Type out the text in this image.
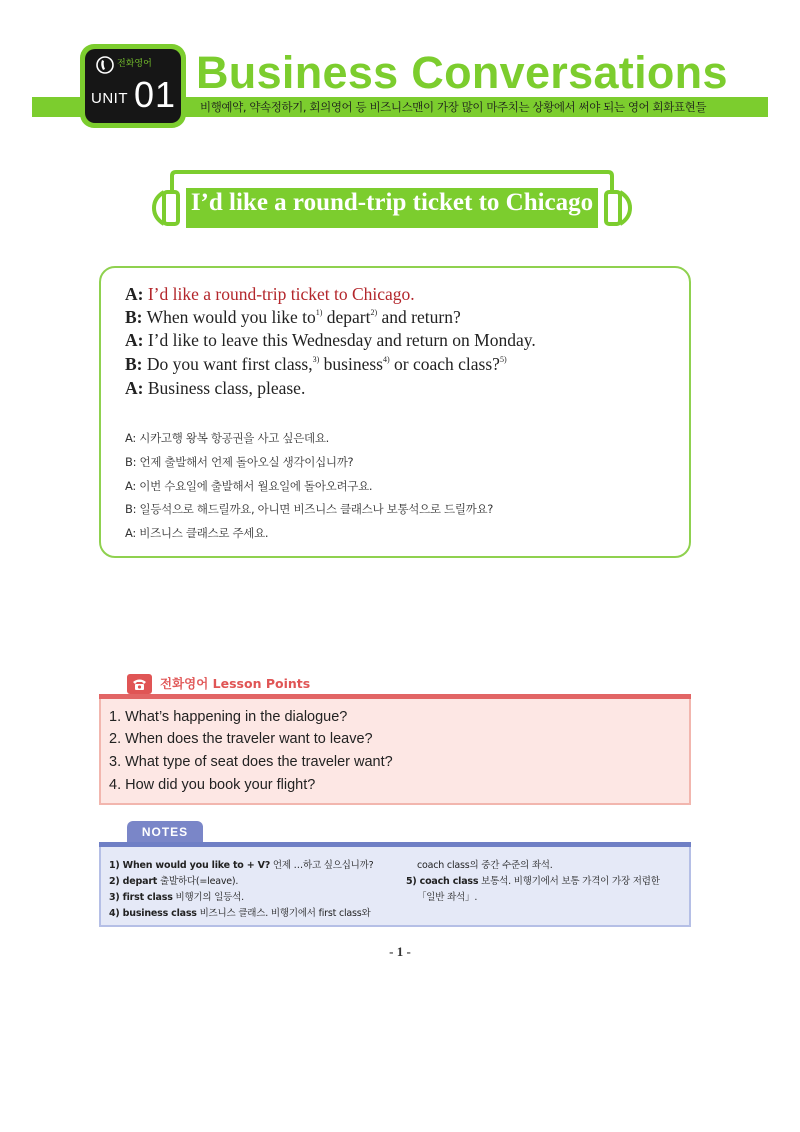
전화영어
UNIT 01 Business Conversations
비행예약, 약속정하기, 회의영어 등 비즈니스맨이 가장 많이 마주치는 상황에서 써야 되는 영어 회화표현들
I’d like a round-trip ticket to Chicago
A: I’d like a round-trip ticket to Chicago.
B: When would you like $to^{1)}$ depart$^{2)}$ and return?
A: I’d like to leave this Wednesday and return on Monday.
B: Do you want first class,$^{3)}$ business$^{4)}$ or coach class?$^{5)}$
A: Business class, please.
A: 시카고행 왕복 항공권을 사고 싶은데요.
B: 언제 출발해서 언제 돌아오실 생각이십니까?
A: 이번 수요일에 출발해서 월요일에 돌아오려구요.
B: 일등석으로 해드릴까요, 아니면 비즈니스 클래스나 보통석으로 드릴까요?
A: 비즈니스 클래스로 주세요.
전화영어 Lesson Points
1. What’s happening in the dialogue?
2. When does the traveler want to leave?
3. What type of seat does the traveler want?
4. How did you book your flight?
NOTES
1) When would you like to + V? 언제 …하고 싶으십니까?
2) depart 출발하다(=leave).
3) first class 비행기의 일등석.
4) business class 비즈니스 클래스. 비행기에서 first class와
coach class의 중간 수준의 좌석.
5) coach class 보통석. 비행기에서 보통 가격이 가장 저렴한
「일반 좌석」.
- 1 -
